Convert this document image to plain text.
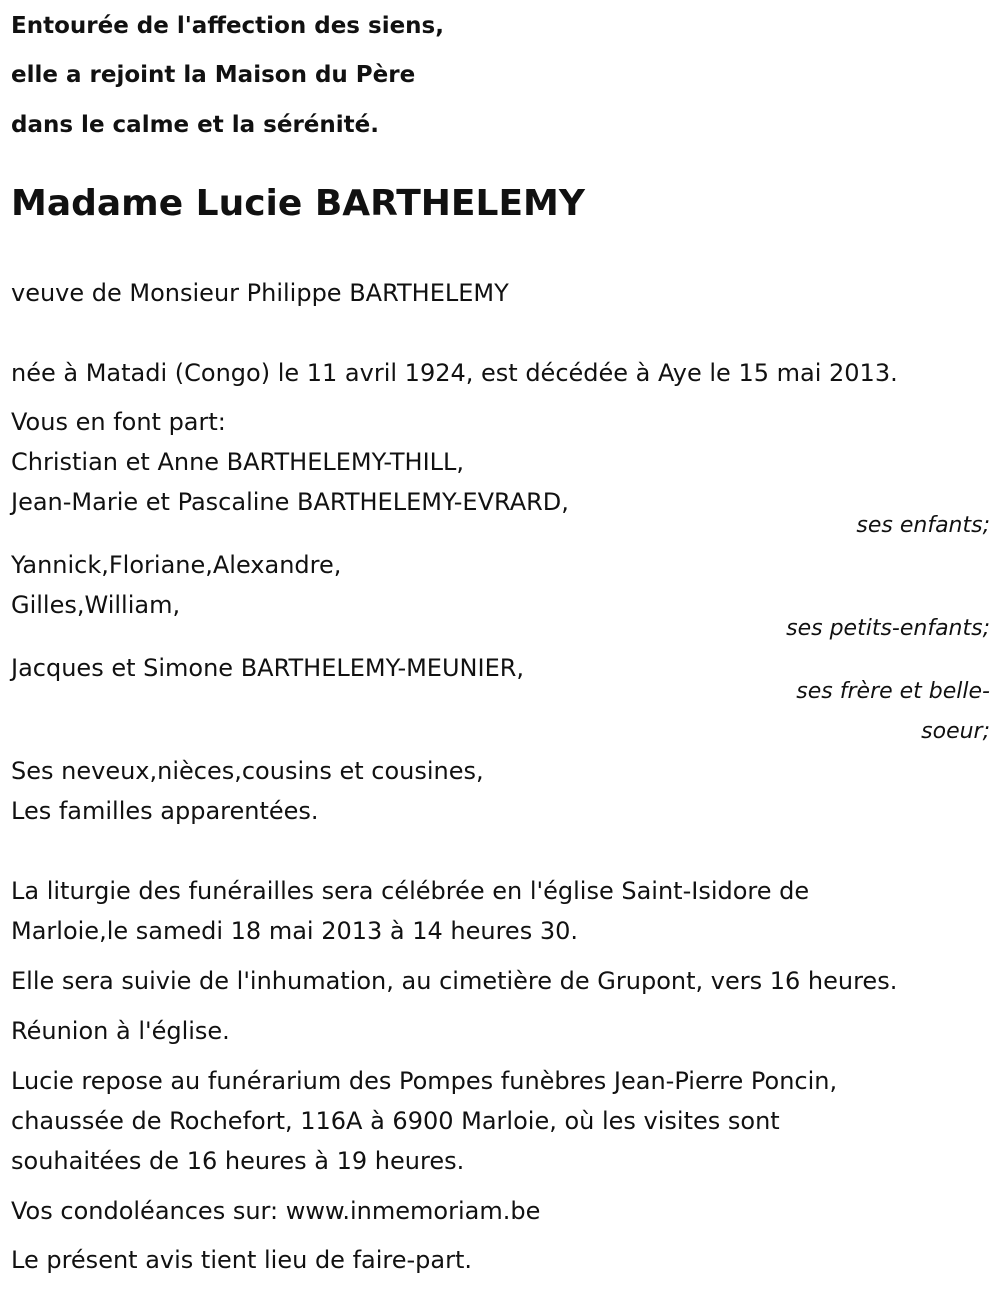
Entourée de l'affection des siens,
elle a rejoint la Maison du Père
dans le calme et la sérénité.
Madame Lucie BARTHELEMY
veuve de Monsieur Philippe BARTHELEMY
née à Matadi (Congo) le 11 avril 1924, est décédée à Aye le 15 mai 2013.
Vous en font part:
Christian et Anne BARTHELEMY-THILL,
Jean-Marie et Pascaline BARTHELEMY-EVRARD,
ses enfants;
Yannick,Floriane,Alexandre,
Gilles,William,
ses petits-enfants;
Jacques et Simone BARTHELEMY-MEUNIER,
ses frère et belle-
soeur;
Ses neveux,nièces,cousins et cousines,
Les familles apparentées.
La liturgie des funérailles sera célébrée en l'église Saint-Isidore de
Marloie,le samedi 18 mai 2013 à 14 heures 30.
Elle sera suivie de l'inhumation, au cimetière de Grupont, vers 16 heures.
Réunion à l'église.
Lucie repose au funérarium des Pompes funèbres Jean-Pierre Poncin,
chaussée de Rochefort, 116A à 6900 Marloie, où les visites sont
souhaitées de 16 heures à 19 heures.
Vos condoléances sur: www.inmemoriam.be
Le présent avis tient lieu de faire-part.
